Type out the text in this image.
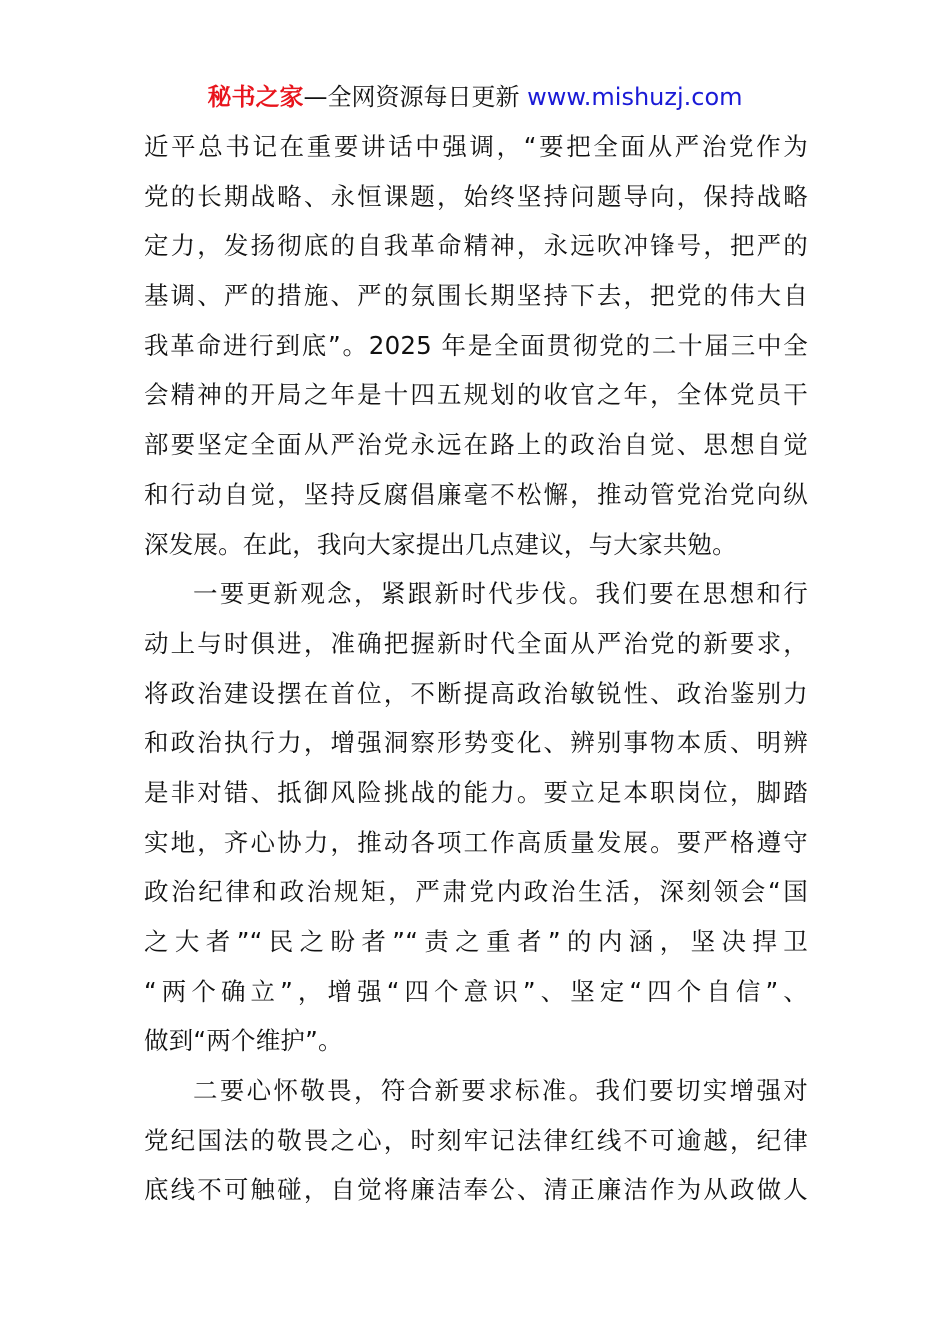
秘书之家—全网资源每日更新 www.mishuzj.com
近平总书记在重要讲话中强调，“要把全面从严治党作为
党的长期战略、永恒课题，始终坚持问题导向，保持战略
定力，发扬彻底的自我革命精神，永远吹冲锋号，把严的
基调、严的措施、严的氛围长期坚持下去，把党的伟大自
我革命进行到底”。2025 年是全面贯彻党的二十届三中全
会精神的开局之年是十四五规划的收官之年，全体党员干
部要坚定全面从严治党永远在路上的政治自觉、思想自觉
和行动自觉，坚持反腐倡廉毫不松懈，推动管党治党向纵
深发展。在此，我向大家提出几点建议，与大家共勉。
一要更新观念，紧跟新时代步伐。我们要在思想和行
动上与时俱进，准确把握新时代全面从严治党的新要求，
将政治建设摆在首位，不断提高政治敏锐性、政治鉴别力
和政治执行力，增强洞察形势变化、辨别事物本质、明辨
是非对错、抵御风险挑战的能力。要立足本职岗位，脚踏
实地，齐心协力，推动各项工作高质量发展。要严格遵守
政治纪律和政治规矩，严肃党内政治生活，深刻领会“国
之大者”“民之盼者”“责之重者”的内涵，坚决捍卫
“两个确立”，增强“四个意识”、坚定“四个自信”、
做到“两个维护”。
二要心怀敬畏，符合新要求标准。我们要切实增强对
党纪国法的敬畏之心，时刻牢记法律红线不可逾越，纪律
底线不可触碰，自觉将廉洁奉公、清正廉洁作为从政做人
